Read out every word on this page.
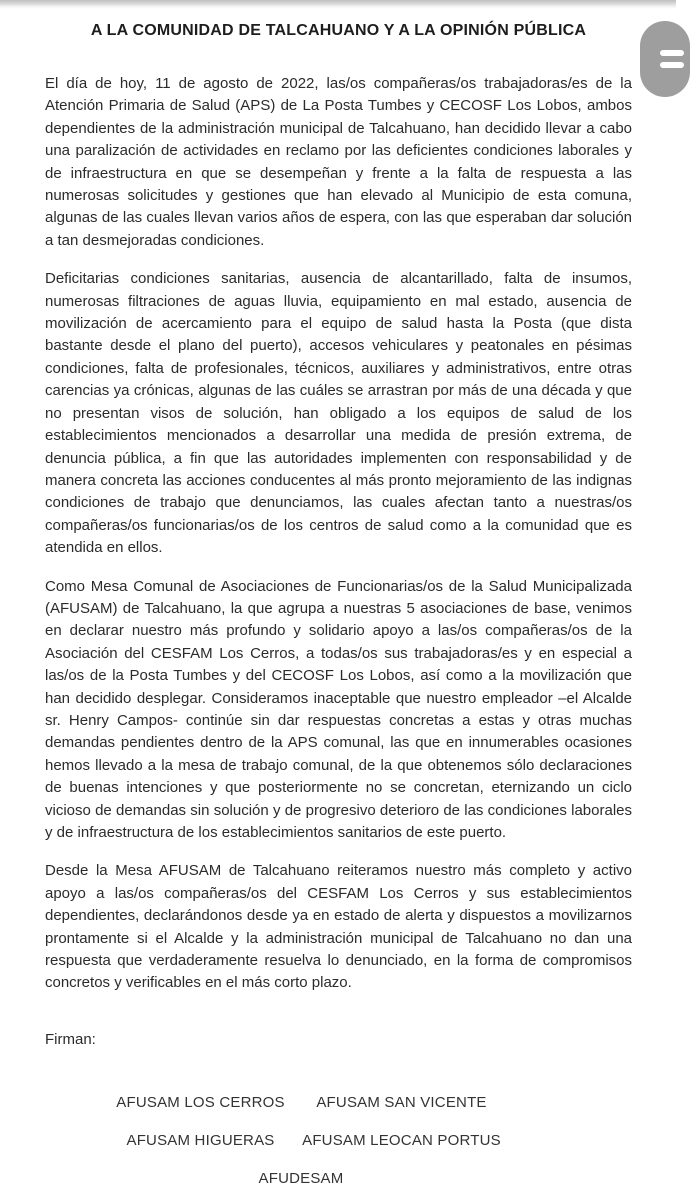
A LA COMUNIDAD DE TALCAHUANO Y A LA OPINIÓN PÚBLICA

El día de hoy, 11 de agosto de 2022, las/os compañeras/os trabajadoras/es de la Atención Primaria de Salud (APS) de La Posta Tumbes y CECOSF Los Lobos, ambos dependientes de la administración municipal de Talcahuano, han decidido llevar a cabo una paralización de actividades en reclamo por las deficientes condiciones laborales y de infraestructura en que se desempeñan y frente a la falta de respuesta a las numerosas solicitudes y gestiones que han elevado al Municipio de esta comuna, algunas de las cuales llevan varios años de espera, con las que esperaban dar solución a tan desmejoradas condiciones.

Deficitarias condiciones sanitarias, ausencia de alcantarillado, falta de insumos, numerosas filtraciones de aguas lluvia, equipamiento en mal estado, ausencia de movilización de acercamiento para el equipo de salud hasta la Posta (que dista bastante desde el plano del puerto), accesos vehiculares y peatonales en pésimas condiciones, falta de profesionales, técnicos, auxiliares y administrativos, entre otras carencias ya crónicas, algunas de las cuáles se arrastran por más de una década y que no presentan visos de solución, han obligado a los equipos de salud de los establecimientos mencionados a desarrollar una medida de presión extrema, de denuncia pública, a fin que las autoridades implementen con responsabilidad y de manera concreta las acciones conducentes al más pronto mejoramiento de las indignas condiciones de trabajo que denunciamos, las cuales afectan tanto a nuestras/os compañeras/os funcionarias/os de los centros de salud como a la comunidad que es atendida en ellos.

Como Mesa Comunal de Asociaciones de Funcionarias/os de la Salud Municipalizada (AFUSAM) de Talcahuano, la que agrupa a nuestras 5 asociaciones de base, venimos en declarar nuestro más profundo y solidario apoyo a las/os compañeras/os de la Asociación del CESFAM Los Cerros, a todas/os sus trabajadoras/es y en especial a las/os de la Posta Tumbes y del CECOSF Los Lobos, así como a la movilización que han decidido desplegar. Consideramos inaceptable que nuestro empleador –el Alcalde sr. Henry Campos- continúe sin dar respuestas concretas a estas y otras muchas demandas pendientes dentro de la APS comunal, las que en innumerables ocasiones hemos llevado a la mesa de trabajo comunal, de la que obtenemos sólo declaraciones de buenas intenciones y que posteriormente no se concretan, eternizando un ciclo vicioso de demandas sin solución y de progresivo deterioro de las condiciones laborales y de infraestructura de los establecimientos sanitarios de este puerto.

Desde la Mesa AFUSAM de Talcahuano reiteramos nuestro más completo y activo apoyo a las/os compañeras/os del CESFAM Los Cerros y sus establecimientos dependientes, declarándonos desde ya en estado de alerta y dispuestos a movilizarnos prontamente si el Alcalde y la administración municipal de Talcahuano no dan una respuesta que verdaderamente resuelva lo denunciado, en la forma de compromisos concretos y verificables en el más corto plazo.

Firman:

AFUSAM LOS CERROS	AFUSAM SAN VICENTE
AFUSAM HIGUERAS	AFUSAM LEOCAN PORTUS
AFUDESAM
